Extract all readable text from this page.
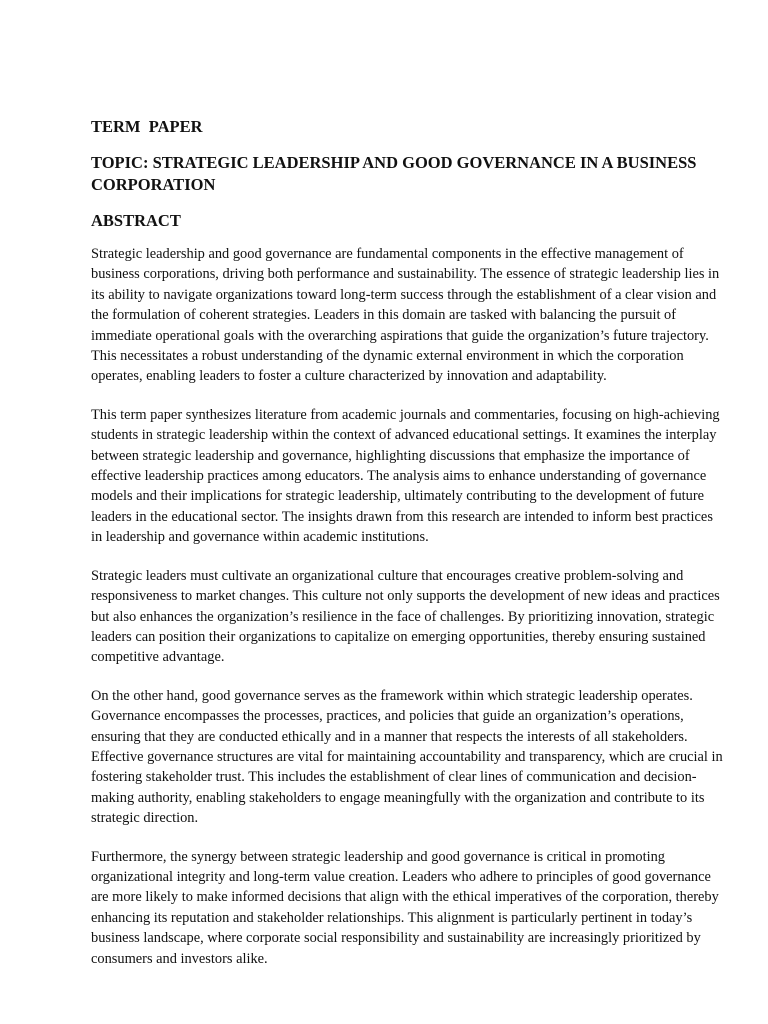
TERM  PAPER
TOPIC: STRATEGIC LEADERSHIP AND GOOD GOVERNANCE IN A BUSINESS CORPORATION
ABSTRACT

Strategic leadership and good governance are fundamental components in the effective management of business corporations, driving both performance and sustainability. The essence of strategic leadership lies in its ability to navigate organizations toward long-term success through the establishment of a clear vision and the formulation of coherent strategies. Leaders in this domain are tasked with balancing the pursuit of immediate operational goals with the overarching aspirations that guide the organization’s future trajectory. This necessitates a robust understanding of the dynamic external environment in which the corporation operates, enabling leaders to foster a culture characterized by innovation and adaptability.

This term paper synthesizes literature from academic journals and commentaries, focusing on high-achieving students in strategic leadership within the context of advanced educational settings. It examines the interplay between strategic leadership and governance, highlighting discussions that emphasize the importance of effective leadership practices among educators. The analysis aims to enhance understanding of governance models and their implications for strategic leadership, ultimately contributing to the development of future leaders in the educational sector. The insights drawn from this research are intended to inform best practices in leadership and governance within academic institutions.

Strategic leaders must cultivate an organizational culture that encourages creative problem-solving and responsiveness to market changes. This culture not only supports the development of new ideas and practices but also enhances the organization’s resilience in the face of challenges. By prioritizing innovation, strategic leaders can position their organizations to capitalize on emerging opportunities, thereby ensuring sustained competitive advantage.

On the other hand, good governance serves as the framework within which strategic leadership operates. Governance encompasses the processes, practices, and policies that guide an organization’s operations, ensuring that they are conducted ethically and in a manner that respects the interests of all stakeholders. Effective governance structures are vital for maintaining accountability and transparency, which are crucial in fostering stakeholder trust. This includes the establishment of clear lines of communication and decision-making authority, enabling stakeholders to engage meaningfully with the organization and contribute to its strategic direction.

Furthermore, the synergy between strategic leadership and good governance is critical in promoting organizational integrity and long-term value creation. Leaders who adhere to principles of good governance are more likely to make informed decisions that align with the ethical imperatives of the corporation, thereby enhancing its reputation and stakeholder relationships. This alignment is particularly pertinent in today’s business landscape, where corporate social responsibility and sustainability are increasingly prioritized by consumers and investors alike.
